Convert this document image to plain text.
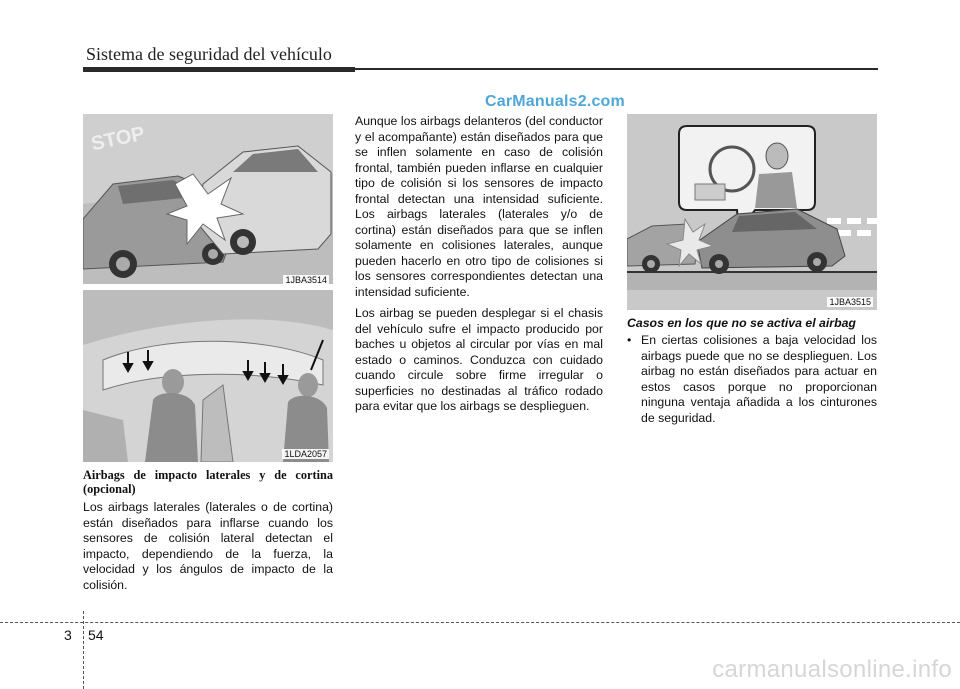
Sistema de seguridad del vehículo
CarManuals2.com
STOP
1JBA3514
1LDA2057
1JBA3515
Airbags de impacto laterales y de cortina (opcional)

Los airbags laterales (laterales o de cortina) están diseñados para inflarse cuando los sensores de colisión lateral detectan el impacto, dependiendo de la fuerza, la velocidad y los ángulos de impacto de la colisión.

Aunque los airbags delanteros (del conductor y el acompañante) están diseñados para que se inflen solamente en caso de colisión frontal, también pueden inflarse en cualquier tipo de colisión si los sensores de impacto frontal detectan una intensidad suficiente. Los airbags laterales (laterales y/o de cortina) están diseñados para que se inflen solamente en colisiones laterales, aunque pueden hacerlo en otro tipo de colisiones si los sensores correspondientes detectan una intensidad suficiente.

Los airbag se pueden desplegar si el chasis del vehículo sufre el impacto producido por baches u objetos al circular por vías en mal estado o caminos. Conduzca con cuidado cuando circule sobre firme irregular o superficies no destinadas al tráfico rodado para evitar que los airbags se desplieguen.

Casos en los que no se activa el airbag
• En ciertas colisiones a baja velocidad los airbags puede que no se desplieguen. Los airbag no están diseñados para actuar en estos casos porque no proporcionan ninguna ventaja añadida a los cinturones de seguridad.
3 54
carmanualsonline.info
